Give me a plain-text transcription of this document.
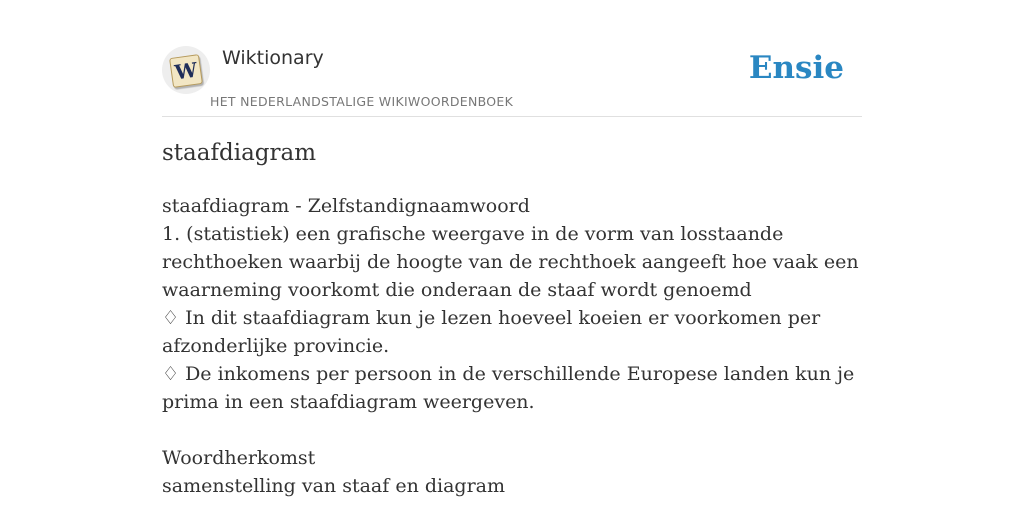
W Wiktionary
HET NEDERLANDSTALIGE WIKIWOORDENBOEK
Ensie
staafdiagram

staafdiagram - Zelfstandignaamwoord

1. (statistiek) een grafische weergave in de vorm van losstaande rechthoeken waarbij de hoogte van de rechthoek aangeeft hoe vaak een waarneming voorkomt die onderaan de staaf wordt genoemd

♢ In dit staafdiagram kun je lezen hoeveel koeien er voorkomen per afzonderlijke provincie.

♢ De inkomens per persoon in de verschillende Europese landen kun je prima in een staafdiagram weergeven.

Woordherkomst

samenstelling van staaf en diagram
